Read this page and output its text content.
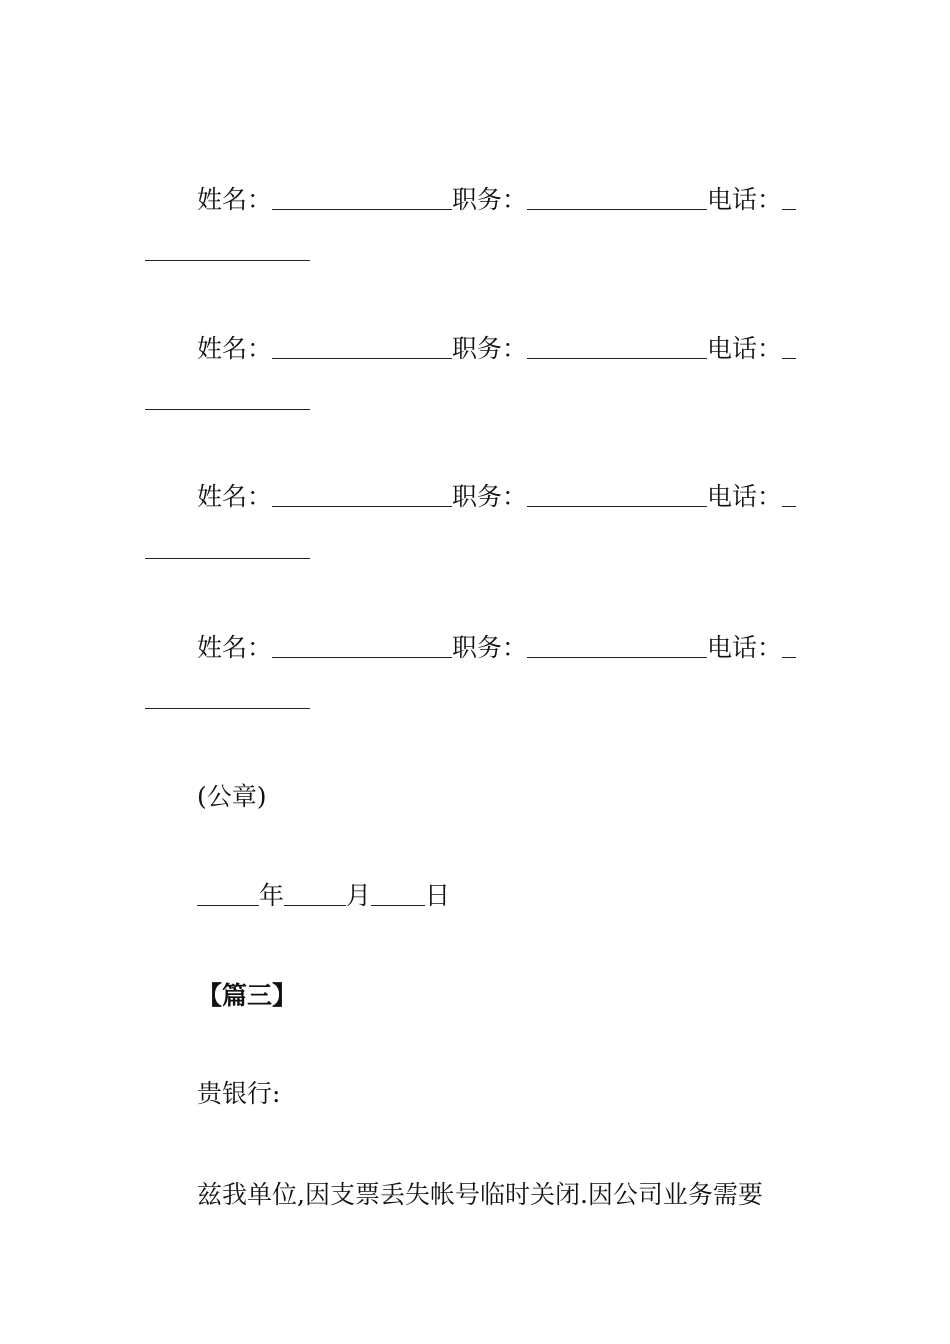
姓名：	职务：	电话：
姓名：	职务：	电话：
姓名：	职务：	电话：
姓名：	职务：	电话：
(公章)
年 月 日
【篇三】
贵银行:
兹我单位,因支票丢失帐号临时关闭.因公司业务需要
